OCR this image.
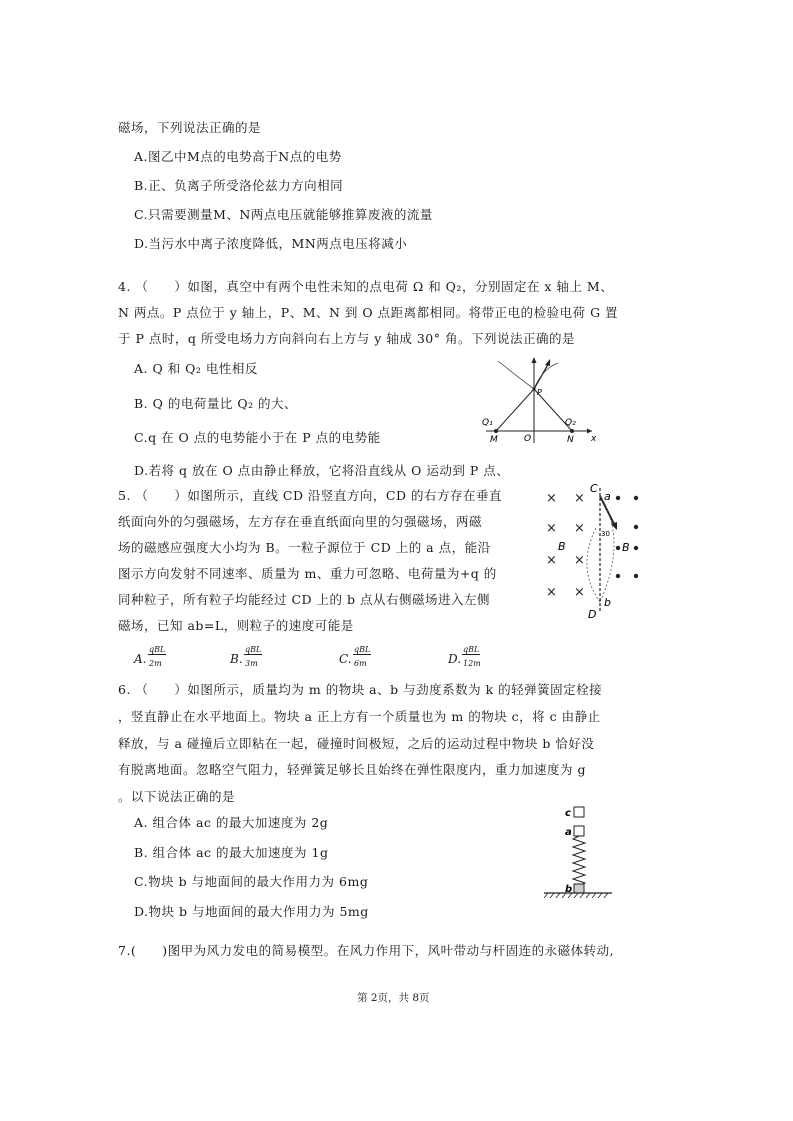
磁场，下列说法正确的是
A.图乙中M点的电势高于N点的电势
B.正、负离子所受洛伦兹力方向相同
C.只需要测量M、N两点电压就能够推算废液的流量
D.当污水中离子浓度降低，MN两点电压将减小
4. （　　）如图，真空中有两个电性未知的点电荷 Ω 和 Q₂，分别固定在 x 轴上 M、
N 两点。P 点位于 y 轴上，P、M、N 到 O 点距离都相同。将带正电的检验电荷 G 置
于 P 点时，q 所受电场力方向斜向右上方与 y 轴成 30° 角。下列说法正确的是
A. Q 和 Q₂ 电性相反
B. Q 的电荷量比 Q₂ 的大、
C.q 在 O 点的电势能小于在 P 点的电势能
D.若将 q 放在 O 点由静止释放，它将沿直线从 O 运动到 P 点、
Q₁	Q₂
P
M	O	N x
5. （　　）如图所示，直线 CD 沿竖直方向，CD 的右方存在垂直
纸面向外的匀强磁场，左方存在垂直纸面向里的匀强磁场，两磁
场的磁感应强度大小均为 B。一粒子源位于 CD 上的 a 点，能沿
图示方向发射不同速率、质量为 m、重力可忽略、电荷量为+q 的
同种粒子，所有粒子均能经过 CD 上的 b 点从右侧磁场进入左侧
磁场，已知 ab=L，则粒子的速度可能是
A.
qBL
2m	B.
qBL
3m	C.
qBL
6m	D.
qBL
12m
× ×
× ×
× ×
× ×
C
a
b
D
B	B
30
6. （　　）如图所示，质量均为 m 的物块 a、b 与劲度系数为 k 的轻弹簧固定栓接
，竖直静止在水平地面上。物块 a 正上方有一个质量也为 m 的物块 c，将 c 由静止
释放，与 a 碰撞后立即粘在一起，碰撞时间极短，之后的运动过程中物块 b 恰好没
有脱离地面。忽略空气阻力，轻弹簧足够长且始终在弹性限度内，重力加速度为 g
。以下说法正确的是
A. 组合体 ac 的最大加速度为 2g
B. 组合体 ac 的最大加速度为 1g
C.物块 b 与地面间的最大作用力为 6mg
D.物块 b 与地面间的最大作用力为 5mg
c
a
b
7.(　　)图甲为风力发电的简易模型。在风力作用下，风叶带动与杆固连的永磁体转动,
第 2页，共 8页
